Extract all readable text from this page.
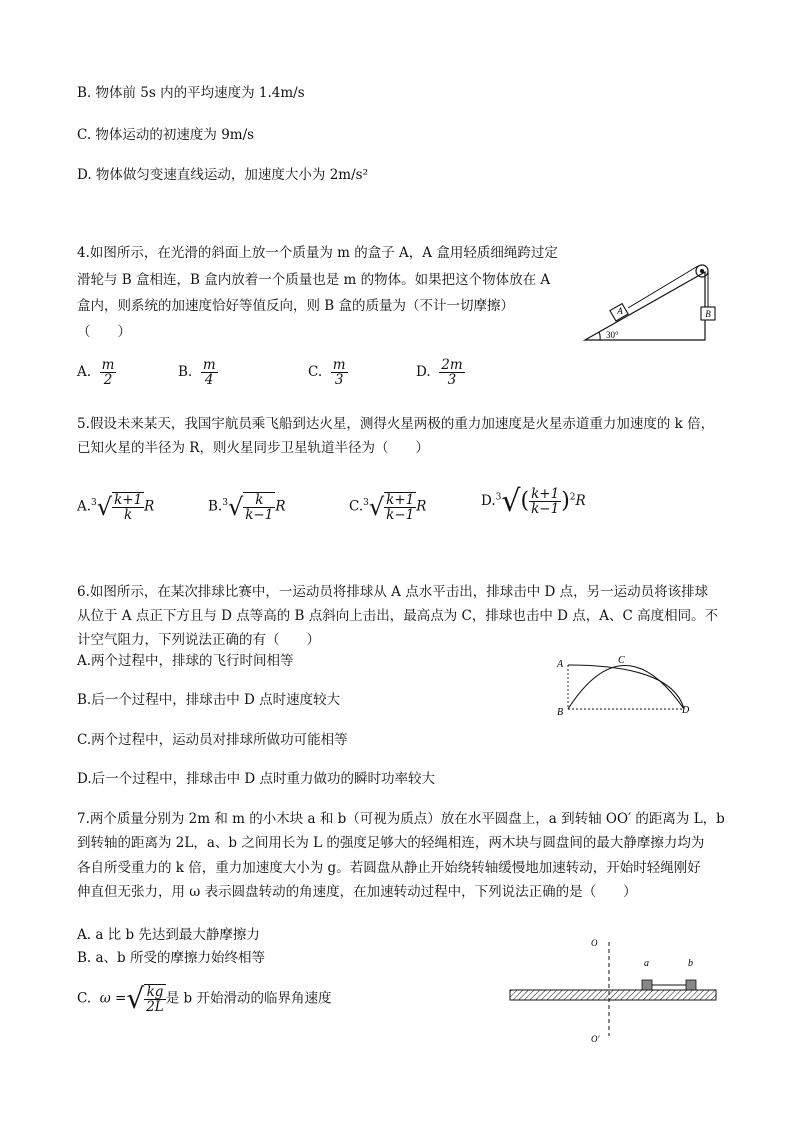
B. 物体前 5s 内的平均速度为 1.4m/s
C. 物体运动的初速度为 9m/s
D. 物体做匀变速直线运动，加速度大小为 2m/s²
4.如图所示，在光滑的斜面上放一个质量为 m 的盒子 A，A 盒用轻质细绳跨过定
滑轮与 B 盒相连，B 盒内放着一个质量也是 m 的物体。如果把这个物体放在 A
盒内，则系统的加速度恰好等值反向，则 B 盒的质量为（不计一切摩擦）
（　　）
A	B
30°
A. $\frac{m}{2}$	B. $\frac{m}{4}$	C. $\frac{m}{3}$	D. $\frac{2m}{3}$
5.假设未来某天，我国宇航员乘飞船到达火星，测得火星两极的重力加速度是火星赤道重力加速度的 k 倍，
已知火星的半径为 R，则火星同步卫星轨道半径为（　　）
$A.^3√ \frac{k+1}{k}$ R	$B.^3√ \frac{k}{k-1}$ R	$C.^3√ \frac{k+1}{k-1}$ R	$D.^3√( \frac{k+1}{k-1} )^2R$
6.如图所示，在某次排球比赛中，一运动员将排球从 A 点水平击出，排球击中 D 点，另一运动员将该排球
从位于 A 点正下方且与 D 点等高的 B 点斜向上击出，最高点为 C，排球也击中 D 点，A、C 高度相同。不
计空气阻力，下列说法正确的有（　　）
A.两个过程中，排球的飞行时间相等
B.后一个过程中，排球击中 D 点时速度较大
C.两个过程中，运动员对排球所做功可能相等
D.后一个过程中，排球击中 D 点时重力做功的瞬时功率较大
A	C
B	D
7.两个质量分别为 2m 和 m 的小木块 a 和 b（可视为质点）放在水平圆盘上，a 到转轴 OO′ 的距离为 L，b
到转轴的距离为 2L，a、b 之间用长为 L 的强度足够大的轻绳相连，两木块与圆盘间的最大静摩擦力均为
各自所受重力的 k 倍，重力加速度大小为 g。若圆盘从静止开始绕转轴缓慢地加速转动，开始时轻绳刚好
伸直但无张力，用 ω 表示圆盘转动的角速度，在加速转动过程中，下列说法正确的是（　　）
A. a 比 b 先达到最大静摩擦力
B. a、b 所受的摩擦力始终相等
C. ω =√ $\frac{kg}{2L}$ 是 b 开始滑动的临界角速度
O
O′
a	b
